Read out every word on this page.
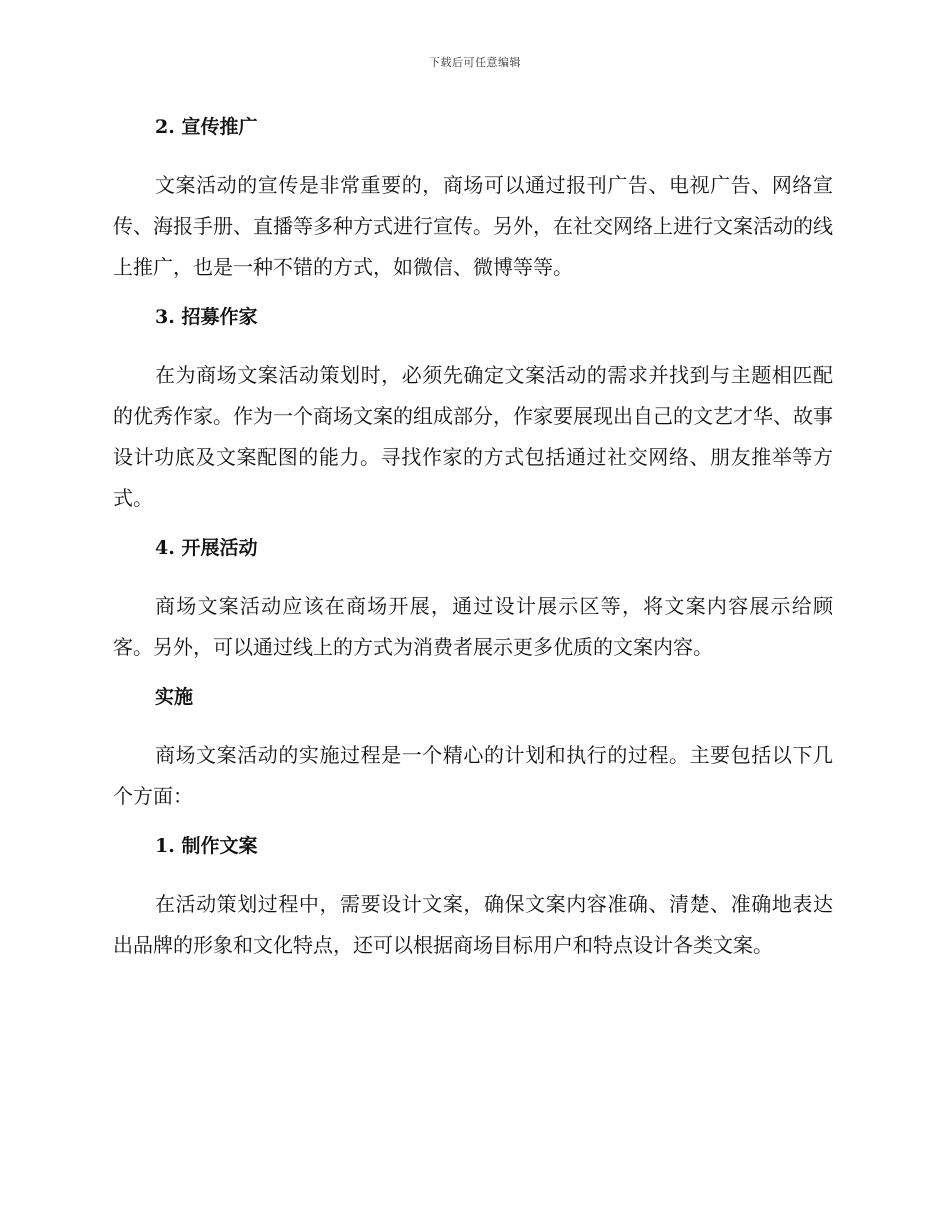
下载后可任意编辑
2. 宣传推广

文案活动的宣传是非常重要的，商场可以通过报刊广告、电视广告、网络宣传、海报手册、直播等多种方式进行宣传。另外，在社交网络上进行文案活动的线上推广，也是一种不错的方式，如微信、微博等等。

3. 招募作家

在为商场文案活动策划时，必须先确定文案活动的需求并找到与主题相匹配的优秀作家。作为一个商场文案的组成部分，作家要展现出自己的文艺才华、故事设计功底及文案配图的能力。寻找作家的方式包括通过社交网络、朋友推举等方式。

4. 开展活动

商场文案活动应该在商场开展，通过设计展示区等，将文案内容展示给顾客。另外，可以通过线上的方式为消费者展示更多优质的文案内容。

实施

商场文案活动的实施过程是一个精心的计划和执行的过程。主要包括以下几个方面：

1. 制作文案

在活动策划过程中，需要设计文案，确保文案内容准确、清楚、准确地表达出品牌的形象和文化特点，还可以根据商场目标用户和特点设计各类文案。
